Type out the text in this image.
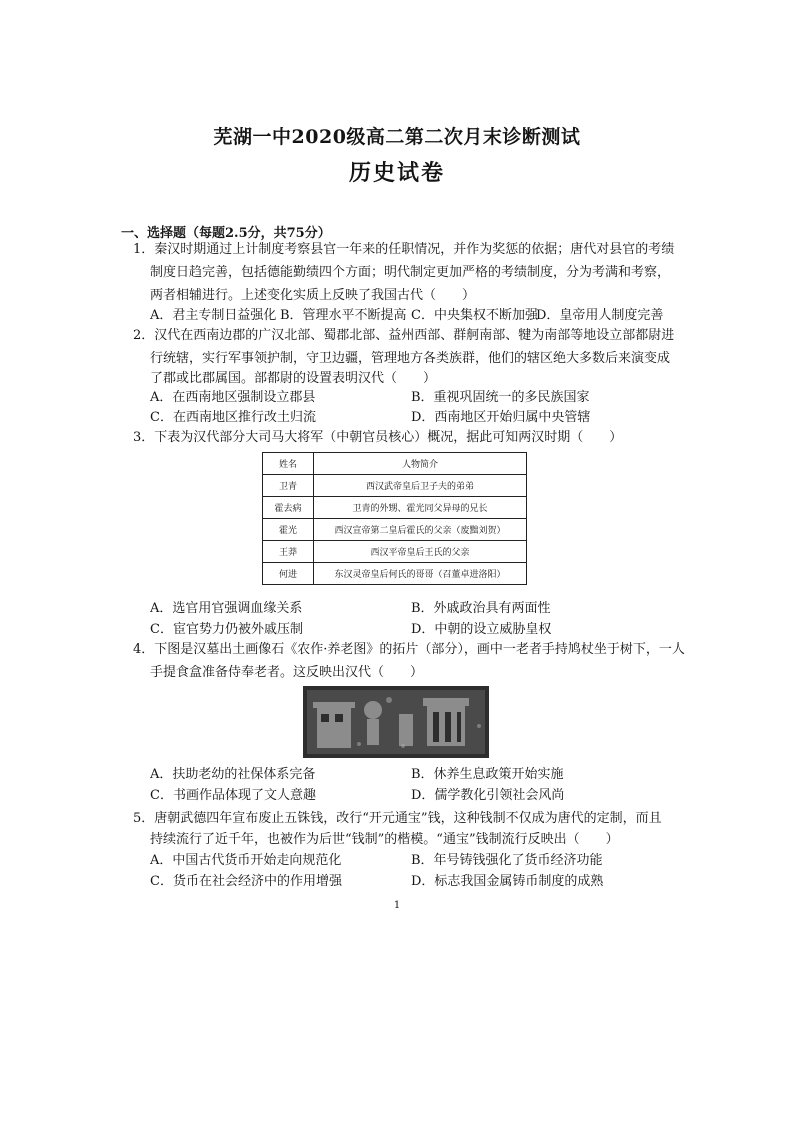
芜湖一中2020级高二第二次月末诊断测试
历史试卷
一、选择题（每题2.5分，共75分）
1．秦汉时期通过上计制度考察县官一年来的任职情况，并作为奖惩的依据；唐代对县官的考绩
制度日趋完善，包括德能勤绩四个方面；明代制定更加严格的考绩制度，分为考满和考察，
两者相辅进行。上述变化实质上反映了我国古代（　　）
A．君主专制日益强化 B．管理水平不断提高 C．中央集权不断加强
D．皇帝用人制度完善
2．汉代在西南边郡的广汉北部、蜀郡北部、益州西部、群舸南部、犍为南部等地设立部都尉进
行统辖，实行军事领护制，守卫边疆，管理地方各类族群，他们的辖区绝大多数后来演变成
了郡或比郡属国。部都尉的设置表明汉代（　　）
A．在西南地区强制设立郡县	B．重视巩固统一的多民族国家
C．在西南地区推行改土归流	D．西南地区开始归属中央管辖
3．下表为汉代部分大司马大将军（中朝官员核心）概况，据此可知两汉时期（　　）
姓名	人物简介
卫青	西汉武帝皇后卫子夫的弟弟
霍去病	卫青的外甥、霍光同父异母的兄长
霍光	西汉宣帝第二皇后霍氏的父亲（废黜刘贺）
王莽	西汉平帝皇后王氏的父亲
何进	东汉灵帝皇后何氏的哥哥（召董卓进洛阳）
A．选官用官强调血缘关系	B．外戚政治具有两面性
C．宦官势力仍被外戚压制	D．中朝的设立威胁皇权
4．下图是汉墓出土画像石《农作·养老图》的拓片（部分），画中一老者手持鸠杖坐于树下，一人
手提食盒准备侍奉老者。这反映出汉代（　　）
A．扶助老幼的社保体系完备	B．休养生息政策开始实施
C．书画作品体现了文人意趣	D．儒学教化引领社会风尚
5．唐朝武德四年宣布废止五铢钱，改行“开元通宝”钱，这种钱制不仅成为唐代的定制，而且
持续流行了近千年，也被作为后世“钱制”的楷模。“通宝”钱制流行反映出（　　）
A．中国古代货币开始走向规范化	B．年号铸钱强化了货币经济功能
C．货币在社会经济中的作用增强	D．标志我国金属铸币制度的成熟
1
